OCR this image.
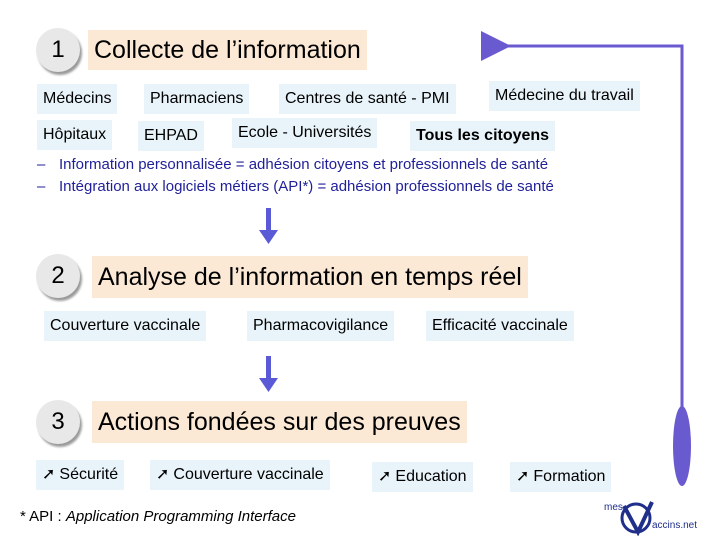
1	Collecte de l’information
Médecins	Pharmaciens	Centres de santé - PMI	Médecine du travail
Hôpitaux	EHPAD	Ecole - Universités	Tous les citoyens
– Information personnalisée = adhésion citoyens et professionnels de santé
– Intégration aux logiciels métiers (API*) = adhésion professionnels de santé
2	Analyse de l’information en temps réel
Couverture vaccinale	Pharmacovigilance	Efficacité vaccinale
3	Actions fondées sur des preuves
➚ Sécurité	➚ Couverture vaccinale	➚ Education	➚ Formation
* API : Application Programming Interface
mes
accins.net
